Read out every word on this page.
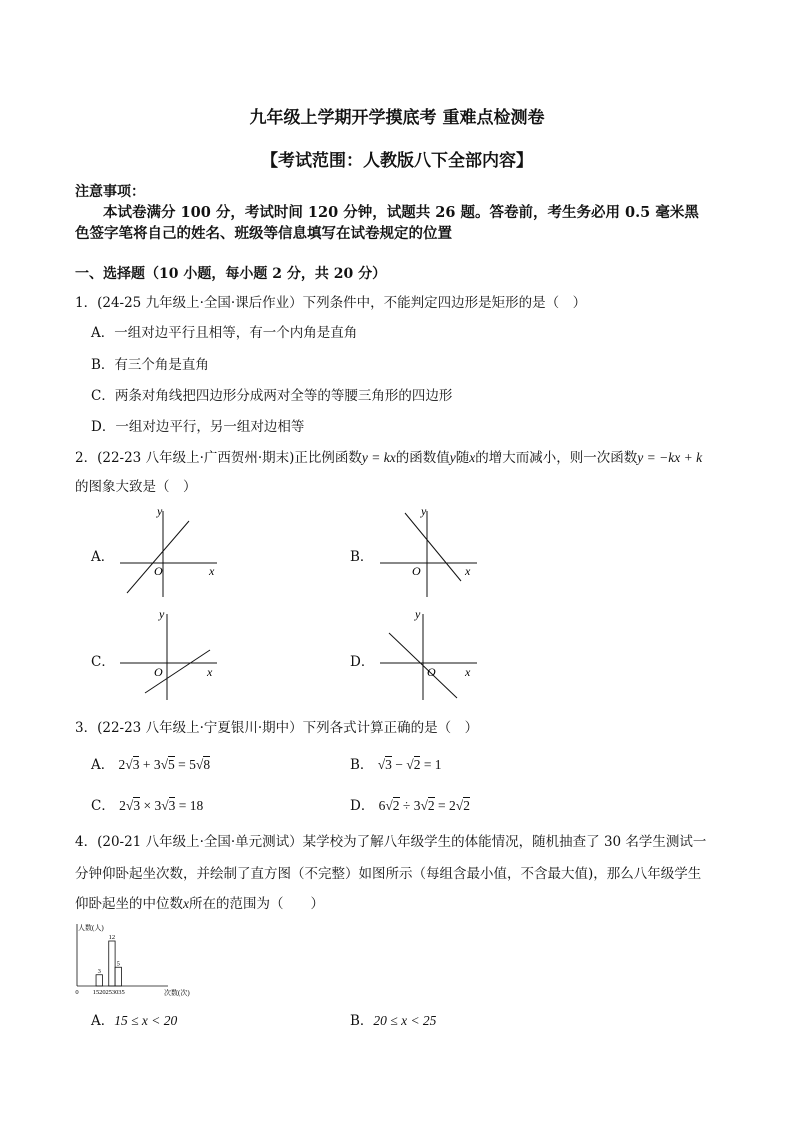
九年级上学期开学摸底考 重难点检测卷
【考试范围：人教版八下全部内容】
注意事项：
本试卷满分 100 分，考试时间 120 分钟，试题共 26 题。答卷前，考生务必用 0.5 毫米黑
色签字笔将自己的姓名、班级等信息填写在试卷规定的位置
一、选择题（10 小题，每小题 2 分，共 20 分）
1．(24-25 九年级上·全国·课后作业）下列条件中，不能判定四边形是矩形的是（　）
A．一组对边平行且相等，有一个内角是直角
B．有三个角是直角
C．两条对角线把四边形分成两对全等的等腰三角形的四边形
D．一组对边平行，另一组对边相等
2．(22-23 八年级上·广西贺州·期末)正比例函数y = kx的函数值y随x的增大而减小，则一次函数y = −kx + k
的图象大致是（　）
A．	B．
C．	D．
y
x
O
y
x
O
y
x
O
y
x
O
3．(22-23 八年级上·宁夏银川·期中）下列各式计算正确的是（　）
A． 2√3 + 3√5 = 5√8	B． √3 − √2 = 1
C． 2√3 × 3√3 = 18	D． 6√2 ÷ 3√2 = 2√2
4．(20-21 八年级上·全国·单元测试）某学校为了解八年级学生的体能情况，随机抽查了 30 名学生测试一
分钟仰卧起坐次数，并绘制了直方图（不完整）如图所示（每组含最小值，不含最大值)，那么八年级学生
仰卧起坐的中位数x所在的范围为（　　）
人数(人)
次数(次)
3
12
5
0 15 20 25 30 35
A．15 ≤ x < 20	B．20 ≤ x < 25
